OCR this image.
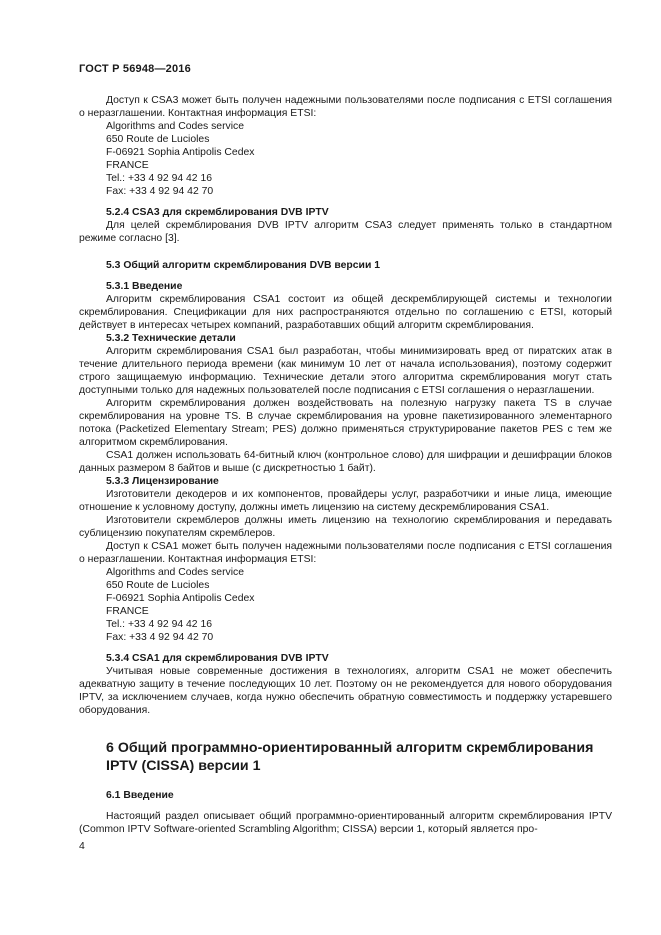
ГОСТ Р 56948—2016

Доступ к CSA3 может быть получен надежными пользователями после подписания с ETSI соглашения о неразглашении. Контактная информация ETSI:

Algorithms and Codes service
650 Route de Lucioles
F-06921 Sophia Antipolis Cedex
FRANCE
Tel.: +33 4 92 94 42 16
Fax: +33 4 92 94 42 70
5.2.4 CSA3 для скремблирования DVB IPTV

Для целей скремблирования DVB IPTV алгоритм CSA3 следует применять только в стандартном режиме согласно [3].

5.3 Общий алгоритм скремблирования DVB версии 1
5.3.1 Введение

Алгоритм скремблирования CSA1 состоит из общей дескремблирующей системы и технологии скремблирования. Спецификации для них распространяются отдельно по соглашению с ETSI, который действует в интересах четырех компаний, разработавших общий алгоритм скремблирования.

5.3.2 Технические детали

Алгоритм скремблирования CSA1 был разработан, чтобы минимизировать вред от пиратских атак в течение длительного периода времени (как минимум 10 лет от начала использования), поэтому содержит строго защищаемую информацию. Технические детали этого алгоритма скремблирования могут стать доступными только для надежных пользователей после подписания с ETSI соглашения о неразглашении.

Алгоритм скремблирования должен воздействовать на полезную нагрузку пакета TS в случае скремблирования на уровне TS. В случае скремблирования на уровне пакетизированного элементарного потока (Packetized Elementary Stream; PES) должно применяться структурирование пакетов PES с тем же алгоритмом скремблирования.

CSA1 должен использовать 64-битный ключ (контрольное слово) для шифрации и дешифрации блоков данных размером 8 байтов и выше (с дискретностью 1 байт).

5.3.3 Лицензирование

Изготовители декодеров и их компонентов, провайдеры услуг, разработчики и иные лица, имеющие отношение к условному доступу, должны иметь лицензию на систему дескремблирования CSA1.

Изготовители скремблеров должны иметь лицензию на технологию скремблирования и передавать сублицензию покупателям скремблеров.

Доступ к CSA1 может быть получен надежными пользователями после подписания с ETSI соглашения о неразглашении. Контактная информация ETSI:

Algorithms and Codes service
650 Route de Lucioles
F-06921 Sophia Antipolis Cedex
FRANCE
Tel.: +33 4 92 94 42 16
Fax: +33 4 92 94 42 70
5.3.4 CSA1 для скремблирования DVB IPTV

Учитывая новые современные достижения в технологиях, алгоритм CSA1 не может обеспечить адекватную защиту в течение последующих 10 лет. Поэтому он не рекомендуется для нового оборудования IPTV, за исключением случаев, когда нужно обеспечить обратную совместимость и поддержку устаревшего оборудования.

6 Общий программно-ориентированный алгоритм скремблирования IPTV (CISSA) версии 1
6.1 Введение

Настоящий раздел описывает общий программно-ориентированный алгоритм скремблирования IPTV (Common IPTV Software-oriented Scrambling Algorithm; CISSA) версии 1, который является про-

4
